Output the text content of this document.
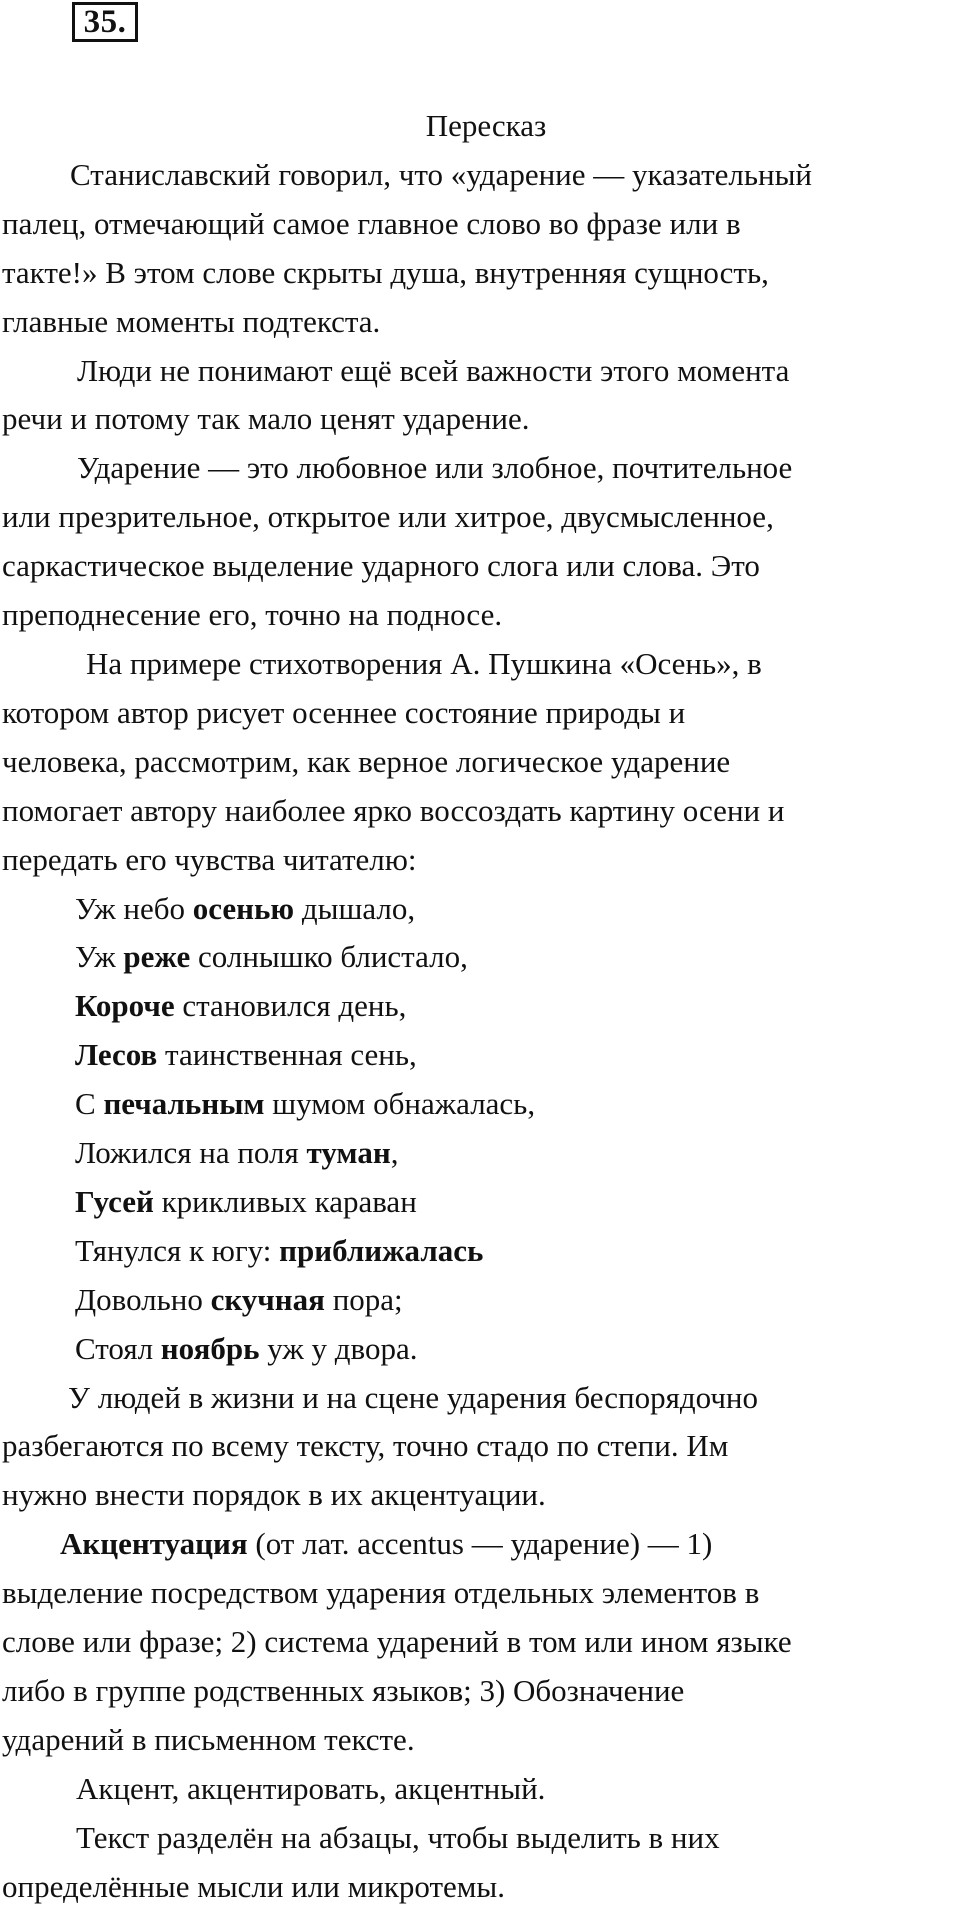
35.
Пересказ
Станиславский говорил, что «ударение — указательный
палец, отмечающий самое главное слово во фразе или в
такте!» В этом слове скрыты душа, внутренняя сущность,
главные моменты подтекста.
Люди не понимают ещё всей важности этого момента
речи и потому так мало ценят ударение.
Ударение — это любовное или злобное, почтительное
или презрительное, открытое или хитрое, двусмысленное,
саркастическое выделение ударного слога или слова. Это
преподнесение его, точно на подносе.
На примере стихотворения А. Пушкина «Осень», в
котором автор рисует осеннее состояние природы и
человека, рассмотрим, как верное логическое ударение
помогает автору наиболее ярко воссоздать картину осени и
передать его чувства читателю:
Уж небо осенью дышало,
Уж реже солнышко блистало,
Короче становился день,
Лесов таинственная сень,
С печальным шумом обнажалась,
Ложился на поля туман,
Гусей крикливых караван
Тянулся к югу: приближалась
Довольно скучная пора;
Стоял ноябрь уж у двора.
У людей в жизни и на сцене ударения беспорядочно
разбегаются по всему тексту, точно стадо по степи. Им
нужно внести порядок в их акцентуации.
Акцентуация (от лат. accentus — ударение) — 1)
выделение посредством ударения отдельных элементов в
слове или фразе; 2) система ударений в том или ином языке
либо в группе родственных языков; 3) Обозначение
ударений в письменном тексте.
Акцент, акцентировать, акцентный.
Текст разделён на абзацы, чтобы выделить в них
определённые мысли или микротемы.
